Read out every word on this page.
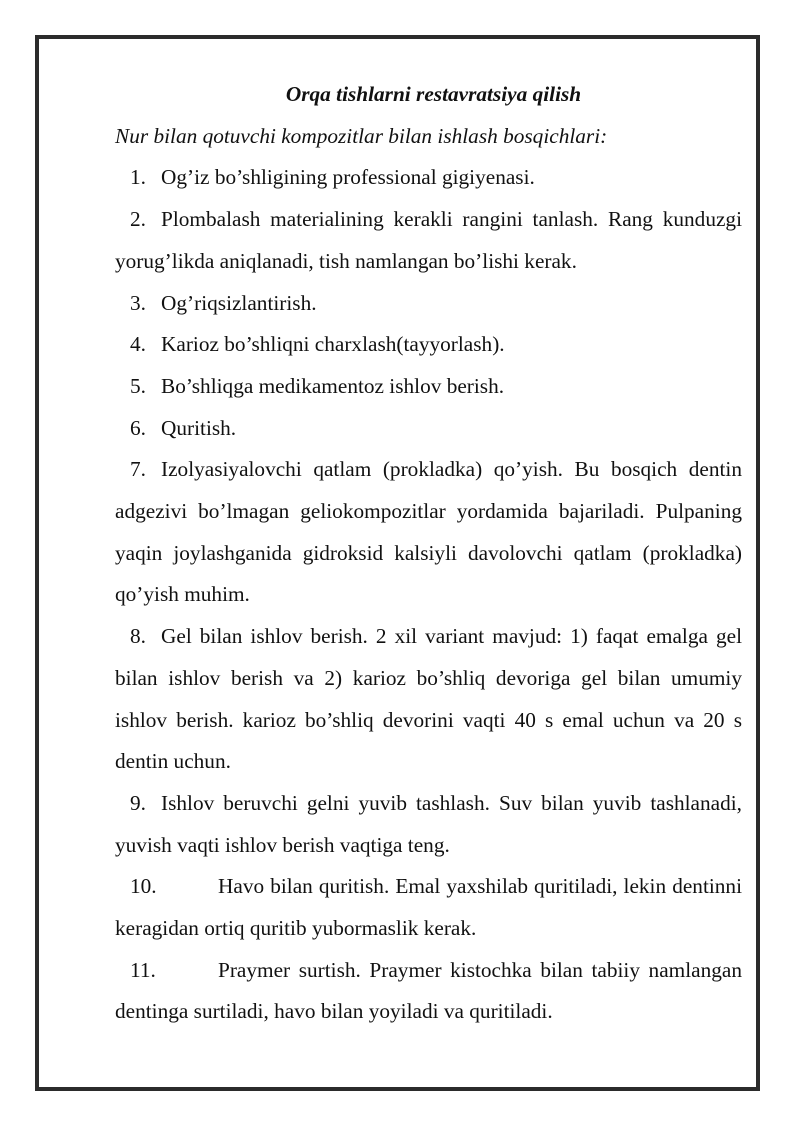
Orqa tishlarni restavratsiya qilish
Nur bilan qotuvchi kompozitlar bilan ishlash bosqichlari:
1. Og’iz bo’shligining professional gigiyenasi.
2. Plombalash materialining kerakli rangini tanlash. Rang kunduzgi yorug’likda aniqlanadi, tish namlangan bo’lishi kerak.
3. Og’riqsizlantirish.
4. Karioz bo’shliqni charxlash(tayyorlash).
5. Bo’shliqga medikamentoz ishlov berish.
6. Quritish.
7. Izolyasiyalovchi qatlam (prokladka) qo’yish. Bu bosqich dentin adgezivi bo’lmagan geliokompozitlar yordamida bajariladi. Pulpaning yaqin joylashganida gidroksid kalsiyli davolovchi qatlam (prokladka) qo’yish muhim.
8. Gel bilan ishlov berish. 2 xil variant mavjud: 1) faqat emalga gel bilan ishlov berish va 2) karioz bo’shliq devoriga gel bilan umumiy ishlov berish. karioz bo’shliq devorini vaqti 40 s emal uchun va 20 s dentin uchun.
9. Ishlov beruvchi gelni yuvib tashlash. Suv bilan yuvib tashlanadi, yuvish vaqti ishlov berish vaqtiga teng.
10.	Havo bilan quritish. Emal yaxshilab quritiladi, lekin dentinni keragidan ortiq quritib yubormaslik kerak.
11.	Praymer surtish. Praymer kistochka bilan tabiiy namlangan dentinga surtiladi, havo bilan yoyiladi va quritiladi.
